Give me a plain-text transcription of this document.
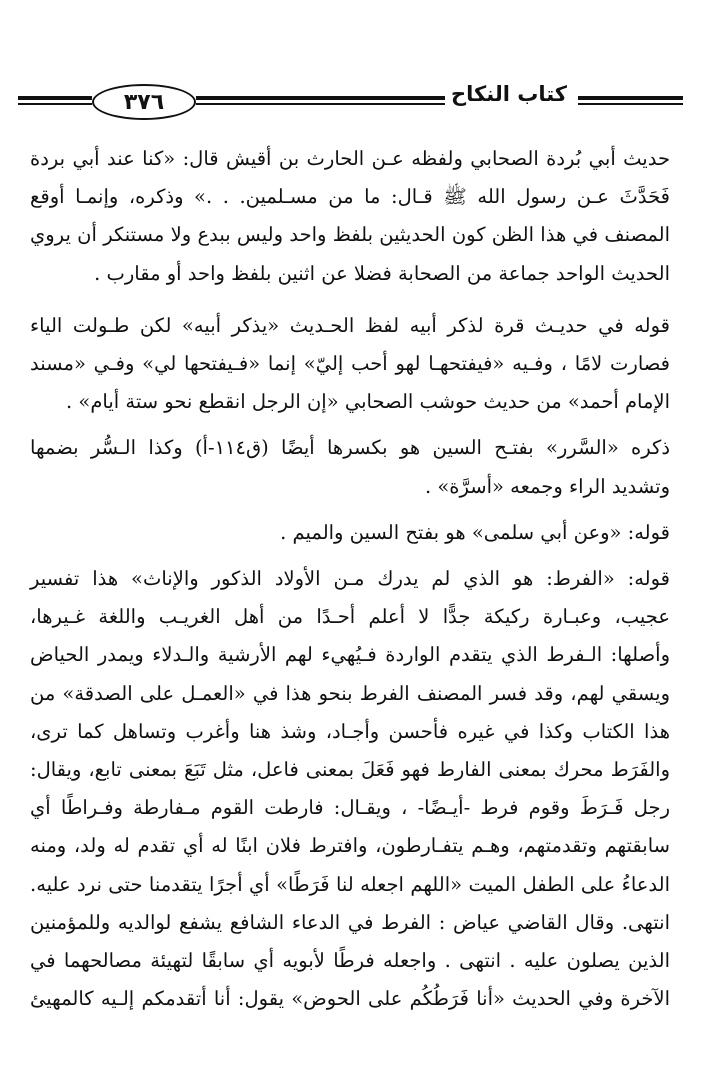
٣٧٦	كتاب النكاح
حديث أبي بُردة الصحابي ولفظه عـن الحارث بن أقيش قال: «كنا عند أبي بردة
فَحَدَّثَ عـن رسول الله ﷺ قـال: ما من مسـلمين. . .» وذكره، وإنمـا أوقع
المصنف في هذا الظن كون الحديثين بلفظ واحد وليس ببدع ولا مستنكر أن يروي
الحديث الواحد جماعة من الصحابة فضلا عن اثنين بلفظ واحد أو مقارب .
قوله في حديـث قرة لذكر أبيه لفظ الحـديث «يذكر أبيه» لكن طـولت الياء
فصارت لامًا ، وفـيه «فيفتحهـا لهو أحب إليّ» إنما «فـيفتحها لي» وفـي «مسند
الإمام أحمد» من حديث حوشب الصحابي «إن الرجل انقطع نحو ستة أيام» .
ذكره «السَّرر» بفتـح السين هو بكسرها أيضًا (ق١١٤-أ) وكذا الـسُّر بضمها
وتشديد الراء وجمعه «أسرَّة» .
قوله: «وعن أبي سلمى» هو بفتح السين والميم .
قوله: «الفرط: هو الذي لم يدرك مـن الأولاد الذكور والإناث» هذا تفسير
عجيب، وعبـارة ركيكة جدًّا لا أعلم أحـدًا من أهل الغريـب واللغة غـيرها،
وأصلها: الـفرط الذي يتقدم الواردة فـيُهيء لهم الأرشية والـدلاء ويمدر الحياض
ويسقي لهم، وقد فسر المصنف الفرط بنحو هذا في «العمـل على الصدقة» من
هذا الكتاب وكذا في غيره فأحسن وأجـاد، وشذ هنا وأغرب وتساهل كما ترى،
والفَرَط محرك بمعنى الفارط فهو فَعَلَ بمعنى فاعل، مثل تَبَعَ بمعنى تابع، ويقال:
رجل فَـرَطَ وقوم فرط -أيـضًا- ، ويقـال: فارطت القوم مـفارطة وفـراطًا أي
سابقتهم وتقدمتهم، وهـم يتفـارطون، وافترط فلان ابنًا له أي تقدم له ولد، ومنه
الدعاءُ على الطفل الميت «اللهم اجعله لنا فَرَطًا» أي أجرًا يتقدمنا حتى نرد عليه.
انتهى. وقال القاضي عياض : الفرط في الدعاء الشافع يشفع لوالديه وللمؤمنين
الذين يصلون عليه . انتهى . واجعله فرطًا لأبويه أي سابقًا لتهيئة مصالحهما في
الآخرة وفي الحديث «أنا فَرَطُكُم على الحوض» يقول: أنا أتقدمكم إلـيه كالمهيئ
